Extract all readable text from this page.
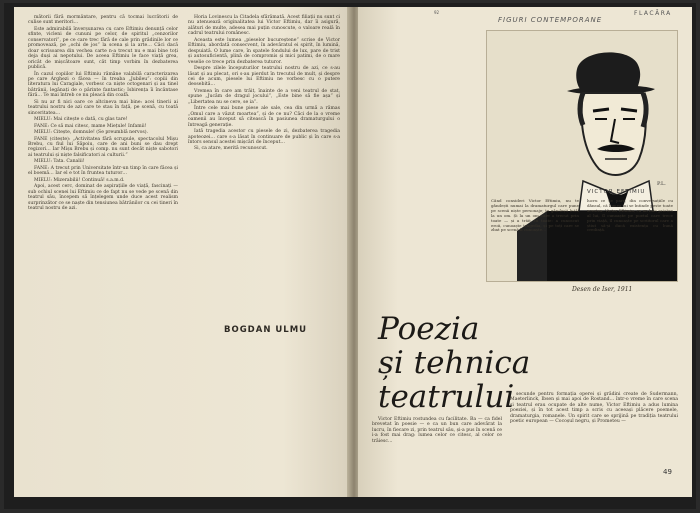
mătorii fără mormântare, pentru că tocmai lucrătorii de culise sunt meritori…

Este admirabilă înverșunarea cu care Eftimiu denunță celor sfinte, vicleni de cununi pe celor, de spiritul „cenzorilor conservatori”, pe ce care trec fără de cale prin grădinile lor ce promovează, pe „ochi de jos” la scena și la arte… Căci dacă doar scrisoarea din vechea carte n-a trecut nu e mai bine toți deja duși ai nepotului. De aceea Eftimiu le face viață grea, oricât de mișcătoare sunt, cât timp vorbim în dezbaterea publică.

În cazul copiilor lui Eftimiu rămâne valabilă caracterizarea pe care Arghezi o făcea — în treaba „Jubileu”: copiii din literatura lui Caragiale, vorbesc ca niște octogenari și au tinel bătrânii, legănați de o părinte fantastic; Isbirența îi încântase fără… Te mai întreb ce nu pleacă din coafă.

Si nu ar fi nici oare ce altcineva mai bine: acei tinerii ai teatrului nostru de azi care te stau în față, pe scenă, cu toată sinceritatea…

MIELU: Mai citește o dată, cu glas tare!

FANE: Ce să mai citesc, mame Miețule! Infamii!

MIELU: Citește, domnule! (Se preumblă nervos).

FANE (citește): „Activitatea fără scrupule, spectacolul Mișu Brebu, cu fiul lui Săpoiu, care de ani buni se dau drept regizori… Iar Mișu Brebu și comp. nu sunt decât niște sabotori ai teatrului și niște falsificatori ai culturii.”

MIELU: Tata. Canalii!

FANE: A trecut prin Universitate într-un timp în care făcea și el boemă… Iar el e tot în fruntea tuturor…

MIELU: Mizerabilii! Continuă! s.a.m.d.

Apoi, acest cerc, dominat de aspirațiile de viață, fascinați — sub ochiul scenei lui Eftimiu ce de fapt nu se vede pe scenă din teatrul său, începem să înțelegem unde duce acest realism surprinzător ce se naște din tensiunea bătrânilor cu cei tineri în teatrul nostru de azi.

Horia Lovinescu la Citadela sfărâmată. Acest filiații nu sunt ci nu atenuează originalitatea lui Victor Eftimiu, dar îi asigură, alături de multe, adesea mai puțin cunoscute, o valoare reală în cadrul teatrului românesc.

Aceasta este lumea „pieselor bucureștene” scrise de Victor Eftimiu, abordată consecvent, în adevăratul ei spirit, în lumină, despuiată. O lume care, în spatele fondului de lux, pare de trist și autosuficientă, plină de compromis și mici patimi, de o mare veselie ce trece prin dezbaterea tuturor.

Despre zilele începuturilor teatrului nostru de azi, ce s-au lăsat și au plecat, ori s-au pierdut în trecutul de mult, și despre cei de acum, piesele lui Eftimiu ne vorbesc cu o putere deosebită…

Vremea în care am trăit, înainte de a veni teatrul de stat, spune „Jucăm de dragul jocului”, „Este bine să fie așa” și „Libertatea nu se cere, se ia”.

Între cele mai bune piese ale sale, cea din urmă a rămas „Omul care a văzut moartea”, și de ce nu? Căci de la o vreme oamenii au început să citească în pasiunea dramaturgului o întreagă generație.

Iată tragedia acestor cu piesele de zi, dezbaterea tragedia apoteozei… care s-a lăsat în continuare de public și în care s-a întors sensul acestei mișcări de început…

Si, ca atare, merită recunoscut.

BOGDAN ULMU
92	FLACĂRA
FIGURI CONTEMPORANE
Când consideri Victor Eftimiu, nu te gândești numai la dramaturgul care pune pe scenă niște personaje; te gândești întâi la un om. Și la un om care a trecut prin toate — și a trăit cu toate: a cunoscut eroii, cunoaște tragedia, și pe toți care se zbat pe scenă îi cunoaște…
lucru ce se pare, din conversațiile cu dânsul, că lumea lui se întinde peste toate acestea. Victor Eftimiu, ca un bun prieten al lui, îl cunoaște pe poetul care trece prin viață, îl cunoaște pe scriitorul care a știut să-și ducă existența cu bună credință.
VICTOR EFTIMIU
P.L.
Desen de Iser, 1911
Poezia
și tehnica teatrului

Victor Eftimiu rostundea cu facilitate. Ba — ca fidel brevetat în poesie — e ca un bun care adevărat la lucru, în fiecare zi, prin teatrul său, și-a pus în scenă ce i-a fost mai drag: lumea celor ce citesc, al celor ce trăiesc…

secunde pentru formația operei și grădini create de Sudermann, Maeterlinck, Ibsen și mai apoi de Rostand… într-o vreme în care scena și teatrul erau ocupate de alte nume, Victor Eftimiu a adus lumina poeziei, și în tot acest timp a scris cu aceeași plăcere poemele, dramaturgia, romanele. Un spirit care se sprijină pe tradiția teatrului poetic european — Cocoșul negru, și Prometeu —

49
